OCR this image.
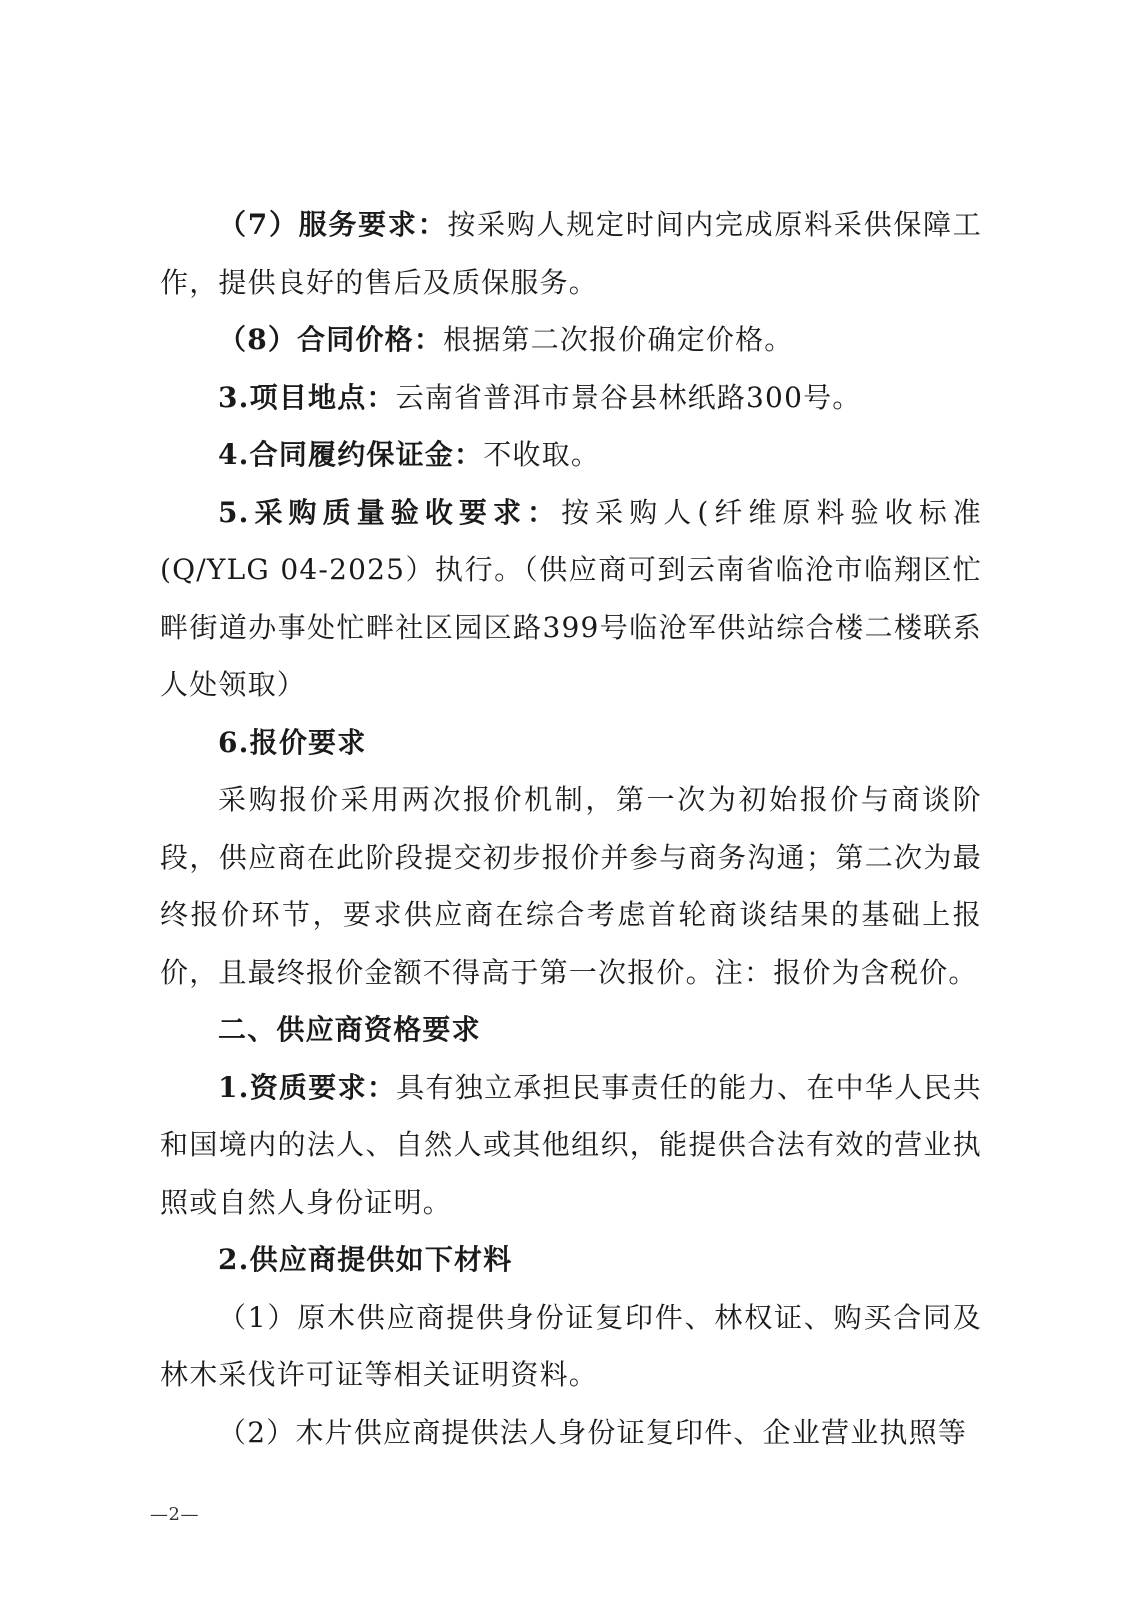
（7）服务要求：按采购人规定时间内完成原料采供保障工作，提供良好的售后及质保服务。

（8）合同价格：根据第二次报价确定价格。

3.项目地点：云南省普洱市景谷县林纸路300号。

4.合同履约保证金：不收取。

5.采购质量验收要求：按采购人(纤维原料验收标准(Q/YLG 04-2025）执行。（供应商可到云南省临沧市临翔区忙畔街道办事处忙畔社区园区路399号临沧军供站综合楼二楼联系人处领取）

6.报价要求

采购报价采用两次报价机制，第一次为初始报价与商谈阶段，供应商在此阶段提交初步报价并参与商务沟通；第二次为最终报价环节，要求供应商在综合考虑首轮商谈结果的基础上报价，且最终报价金额不得高于第一次报价。注：报价为含税价。

二、供应商资格要求

1.资质要求：具有独立承担民事责任的能力、在中华人民共和国境内的法人、自然人或其他组织，能提供合法有效的营业执照或自然人身份证明。

2.供应商提供如下材料

（1）原木供应商提供身份证复印件、林权证、购买合同及林木采伐许可证等相关证明资料。

（2）木片供应商提供法人身份证复印件、企业营业执照等

—2—
